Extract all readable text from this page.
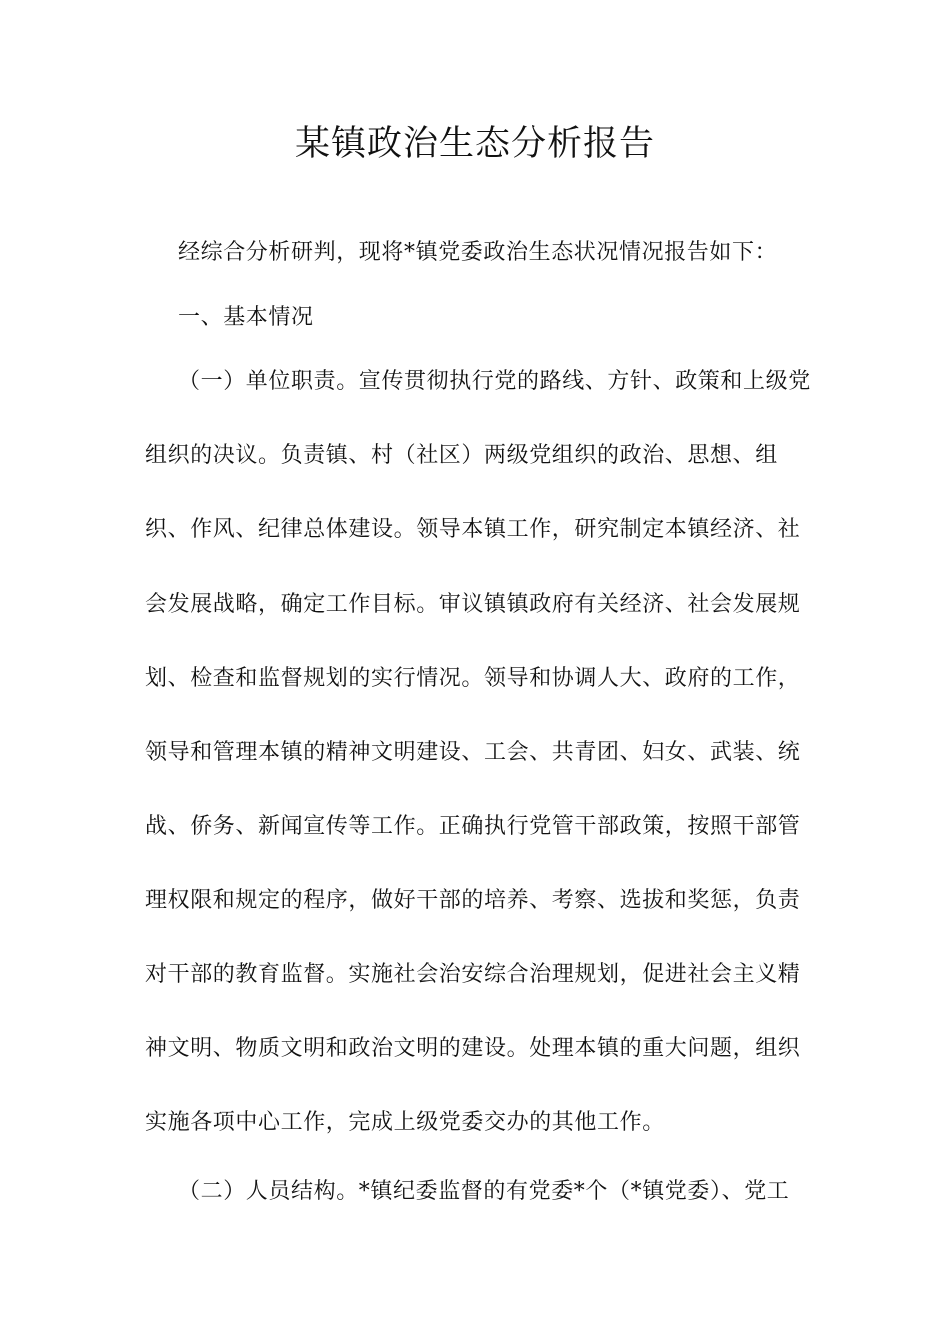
某镇政治生态分析报告
经综合分析研判，现将*镇党委政治生态状况情况报告如下：
一、基本情况
（一）单位职责。宣传贯彻执行党的路线、方针、政策和上级党
组织的决议。负责镇、村（社区）两级党组织的政治、思想、组
织、作风、纪律总体建设。领导本镇工作，研究制定本镇经济、社
会发展战略，确定工作目标。审议镇镇政府有关经济、社会发展规
划、检查和监督规划的实行情况。领导和协调人大、政府的工作，
领导和管理本镇的精神文明建设、工会、共青团、妇女、武装、统
战、侨务、新闻宣传等工作。正确执行党管干部政策，按照干部管
理权限和规定的程序，做好干部的培养、考察、选拔和奖惩，负责
对干部的教育监督。实施社会治安综合治理规划，促进社会主义精
神文明、物质文明和政治文明的建设。处理本镇的重大问题，组织
实施各项中心工作，完成上级党委交办的其他工作。
（二）人员结构。*镇纪委监督的有党委*个（*镇党委）、党工
